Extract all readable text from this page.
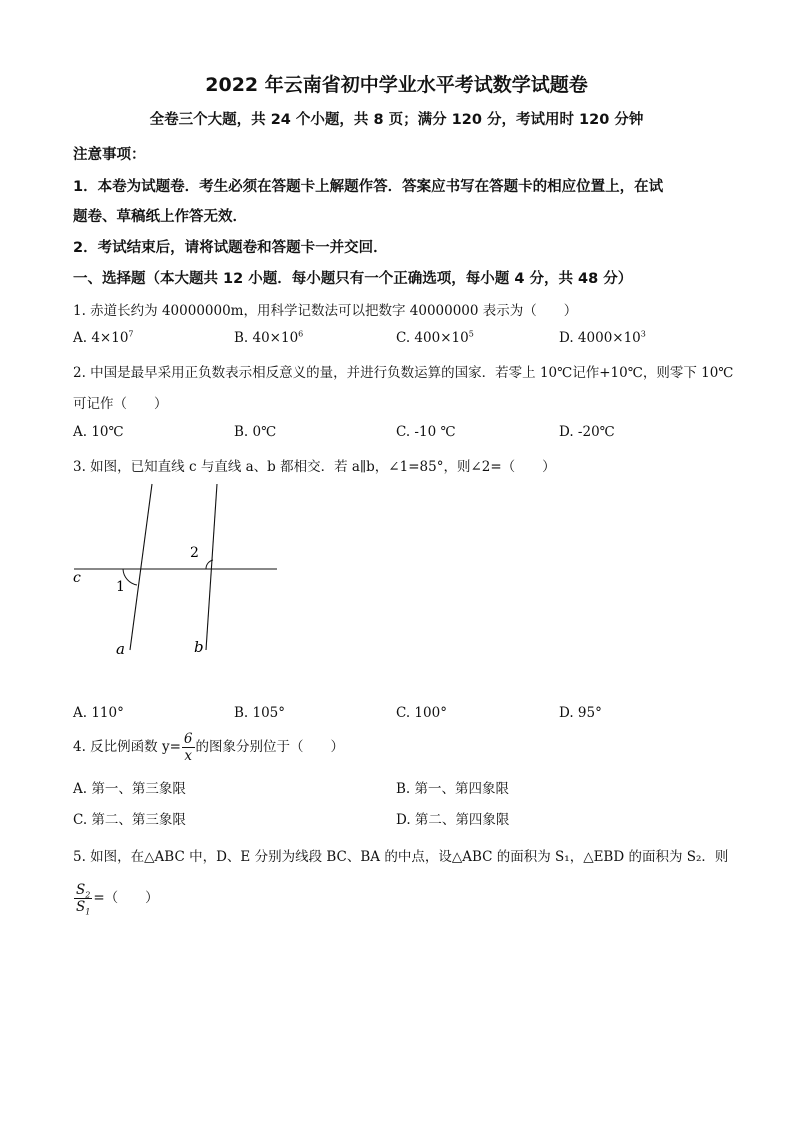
2022 年云南省初中学业水平考试数学试题卷
全卷三个大题，共 24 个小题，共 8 页；满分 120 分，考试用时 120 分钟
注意事项：
1．本卷为试题卷．考生必须在答题卡上解题作答．答案应书写在答题卡的相应位置上，在试
题卷、草稿纸上作答无效．
2．考试结束后，请将试题卷和答题卡一并交回．
一、选择题（本大题共 12 小题．每小题只有一个正确选项，每小题 4 分，共 48 分）
1. 赤道长约为 40000000m，用科学记数法可以把数字 40000000 表示为（　　）
A. $4\times 10^7$	B. $40\times 10^6$	C. $400\times 10^5$	D. $4000\times 10^3$
2. 中国是最早采用正负数表示相反意义的量，并进行负数运算的国家．若零上 10℃记作+10℃，则零下 10℃
可记作（　　）
A. 10℃	B. 0℃	C. -10 ℃	D. -20℃
3. 如图，已知直线 c 与直线 a、b 都相交．若 a∥b，∠1=85°，则∠2=（　　）
c
1
2
a	b
A. 110°	B. 105°	C. 100°	D. 95°
4. 反比例函数 $y= \frac{6}{x}$ 的图象分别位于（　　）
A. 第一、第三象限	B. 第一、第四象限
C. 第二、第三象限	D. 第二、第四象限
5. 如图，在△ABC 中，D、E 分别为线段 BC、BA 的中点，设△ABC 的面积为 S₁，△EBD 的面积为 S₂．则
$\frac{S_2}{S_1}$ =（　　）
